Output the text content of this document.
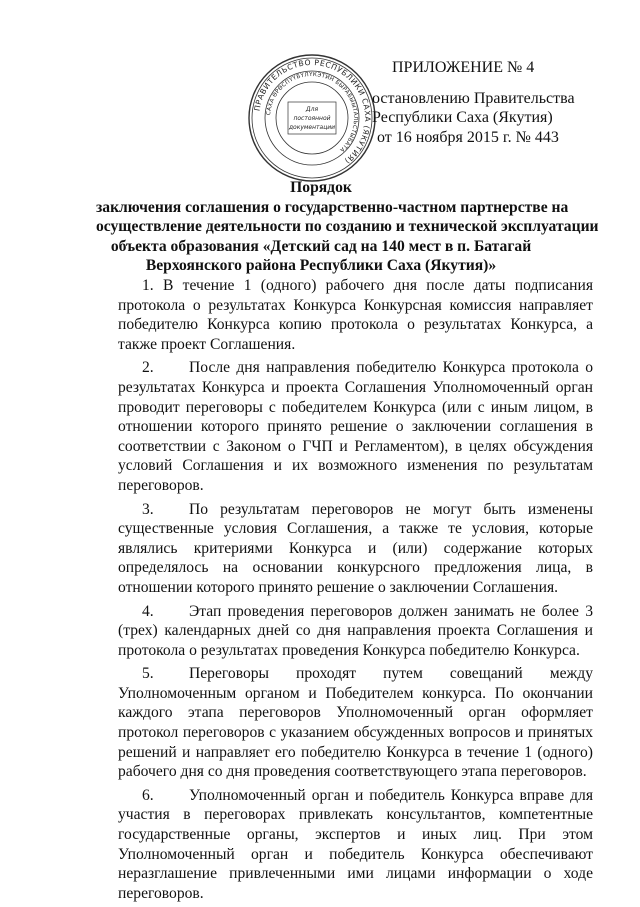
ПРАВИТЕЛЬСТВО РЕСПУБЛИКИ САХА (ЯКУТИЯ)
САХА ӨРӨСПҮҮБҮЛҮКЭТИН БЫРАБЫЫТАЛЬСТЫБАТА
Для
постоянной
документации
ПРИЛОЖЕНИЕ № 4
остановлению Правительства
Республики Саха (Якутия)
от 16 ноября 2015 г. № 443
Порядок
заключения соглашения о государственно-частном партнерстве на
осуществление деятельности по созданию и технической эксплуатации
объекта образования «Детский сад на 140 мест в п. Батагай
Верхоянского района Республики Саха (Якутия)»

1. В течение 1 (одного) рабочего дня после даты подписания протокола о результатах Конкурса Конкурсная комиссия направляет победителю Конкурса копию протокола о результатах Конкурса, а также проект Соглашения.

2. После дня направления победителю Конкурса протокола о результатах Конкурса и проекта Соглашения Уполномоченный орган проводит переговоры с победителем Конкурса (или с иным лицом, в отношении которого принято решение о заключении соглашения в соответствии с Законом о ГЧП и Регламентом), в целях обсуждения условий Соглашения и их возможного изменения по результатам переговоров.

3. По результатам переговоров не могут быть изменены существенные условия Соглашения, а также те условия, которые являлись критериями Конкурса и (или) содержание которых определялось на основании конкурсного предложения лица, в отношении которого принято решение о заключении Соглашения.

4. Этап проведения переговоров должен занимать не более 3 (трех) календарных дней со дня направления проекта Соглашения и протокола о результатах проведения Конкурса победителю Конкурса.

5. Переговоры проходят путем совещаний между Уполномоченным органом и Победителем конкурса. По окончании каждого этапа переговоров Уполномоченный орган оформляет протокол переговоров с указанием обсужденных вопросов и принятых решений и направляет его победителю Конкурса в течение 1 (одного) рабочего дня со дня проведения соответствующего этапа переговоров.

6. Уполномоченный орган и победитель Конкурса вправе для участия в переговорах привлекать консультантов, компетентные государственные органы, экспертов и иных лиц. При этом Уполномоченный орган и победитель Конкурса обеспечивают неразглашение привлеченными ими лицами информации о ходе переговоров.
